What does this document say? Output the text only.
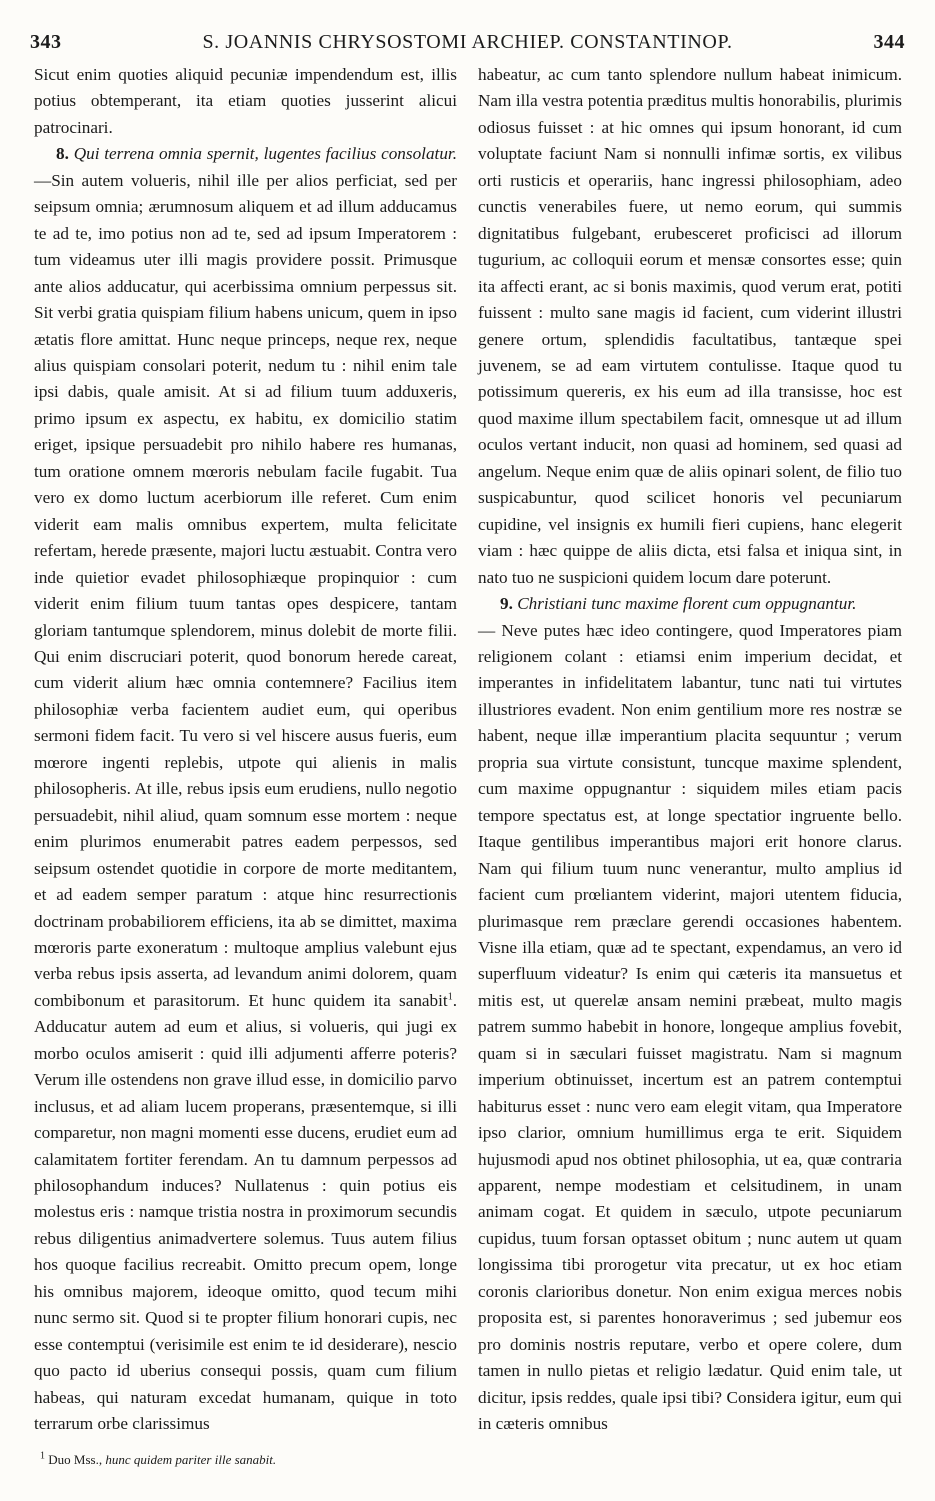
343	S. JOANNIS CHRYSOSTOMI ARCHIEP. CONSTANTINOP.	344

Sicut enim quoties aliquid pecuniæ impendendum est, illis potius obtemperant, ita etiam quoties jusserint alicui patrocinari.

8. Qui terrena omnia spernit, lugentes facilius consolatur.—Sin autem volueris, nihil ille per alios perficiat, sed per seipsum omnia; ærumnosum aliquem et ad illum adducamus te ad te, imo potius non ad te, sed ad ipsum Imperatorem : tum videamus uter illi magis providere possit. Primusque ante alios adducatur, qui acerbissima omnium perpessus sit. Sit verbi gratia quispiam filium habens unicum, quem in ipso ætatis flore amittat. Hunc neque princeps, neque rex, neque alius quispiam consolari poterit, nedum tu : nihil enim tale ipsi dabis, quale amisit. At si ad filium tuum adduxeris, primo ipsum ex aspectu, ex habitu, ex domicilio statim eriget, ipsique persuadebit pro nihilo habere res humanas, tum oratione omnem mœroris nebulam facile fugabit. Tua vero ex domo luctum acerbiorum ille referet. Cum enim viderit eam malis omnibus expertem, multa felicitate refertam, herede præsente, majori luctu æstuabit. Contra vero inde quietior evadet philosophiæque propinquior : cum viderit enim filium tuum tantas opes despicere, tantam gloriam tantumque splendorem, minus dolebit de morte filii. Qui enim discruciari poterit, quod bonorum herede careat, cum viderit alium hæc omnia contemnere? Facilius item philosophiæ verba facientem audiet eum, qui operibus sermoni fidem facit. Tu vero si vel hiscere ausus fueris, eum mœrore ingenti replebis, utpote qui alienis in malis philosopheris. At ille, rebus ipsis eum erudiens, nullo negotio persuadebit, nihil aliud, quam somnum esse mortem : neque enim plurimos enumerabit patres eadem perpessos, sed seipsum ostendet quotidie in corpore de morte meditantem, et ad eadem semper paratum : atque hinc resurrectionis doctrinam probabiliorem efficiens, ita ab se dimittet, maxima mœroris parte exoneratum : multoque amplius valebunt ejus verba rebus ipsis asserta, ad levandum animi dolorem, quam combibonum et parasitorum. Et hunc quidem ita sanabit$^1$. Adducatur autem ad eum et alius, si volueris, qui jugi ex morbo oculos amiserit : quid illi adjumenti afferre poteris? Verum ille ostendens non grave illud esse, in domicilio parvo inclusus, et ad aliam lucem properans, præsentemque, si illi comparetur, non magni momenti esse ducens, erudiet eum ad calamitatem fortiter ferendam. An tu damnum perpessos ad philosophandum induces? Nullatenus : quin potius eis molestus eris : namque tristia nostra in proximorum secundis rebus diligentius animadvertere solemus. Tuus autem filius hos quoque facilius recreabit. Omitto precum opem, longe his omnibus majorem, ideoque omitto, quod tecum mihi nunc sermo sit. Quod si te propter filium honorari cupis, nec esse contemptui (verisimile est enim te id desiderare), nescio quo pacto id uberius consequi possis, quam cum filium habeas, qui naturam excedat humanam, quique in toto terrarum orbe clarissimus

habeatur, ac cum tanto splendore nullum habeat inimicum. Nam illa vestra potentia præditus multis honorabilis, plurimis odiosus fuisset : at hic omnes qui ipsum honorant, id cum voluptate faciunt Nam si nonnulli infimæ sortis, ex vilibus orti rusticis et operariis, hanc ingressi philosophiam, adeo cunctis venerabiles fuere, ut nemo eorum, qui summis dignitatibus fulgebant, erubesceret proficisci ad illorum tugurium, ac colloquii eorum et mensæ consortes esse; quin ita affecti erant, ac si bonis maximis, quod verum erat, potiti fuissent : multo sane magis id facient, cum viderint illustri genere ortum, splendidis facultatibus, tantæque spei juvenem, se ad eam virtutem contulisse. Itaque quod tu potissimum quereris, ex his eum ad illa transisse, hoc est quod maxime illum spectabilem facit, omnesque ut ad illum oculos vertant inducit, non quasi ad hominem, sed quasi ad angelum. Neque enim quæ de aliis opinari solent, de filio tuo suspicabuntur, quod scilicet honoris vel pecuniarum cupidine, vel insignis ex humili fieri cupiens, hanc elegerit viam : hæc quippe de aliis dicta, etsi falsa et iniqua sint, in nato tuo ne suspicioni quidem locum dare poterunt.

9. Christiani tunc maxime florent cum oppugnantur.
— Neve putes hæc ideo contingere, quod Imperatores piam religionem colant : etiamsi enim imperium decidat, et imperantes in infidelitatem labantur, tunc nati tui virtutes illustriores evadent. Non enim gentilium more res nostræ se habent, neque illæ imperantium placita sequuntur ; verum propria sua virtute consistunt, tuncque maxime splendent, cum maxime oppugnantur : siquidem miles etiam pacis tempore spectatus est, at longe spectatior ingruente bello. Itaque gentilibus imperantibus majori erit honore clarus. Nam qui filium tuum nunc venerantur, multo amplius id facient cum prœliantem viderint, majori utentem fiducia, plurimasque rem præclare gerendi occasiones habentem. Visne illa etiam, quæ ad te spectant, expendamus, an vero id superfluum videatur? Is enim qui cæteris ita mansuetus et mitis est, ut querelæ ansam nemini præbeat, multo magis patrem summo habebit in honore, longeque amplius fovebit, quam si in sæculari fuisset magistratu. Nam si magnum imperium obtinuisset, incertum est an patrem contemptui habiturus esset : nunc vero eam elegit vitam, qua Imperatore ipso clarior, omnium humillimus erga te erit. Siquidem hujusmodi apud nos obtinet philosophia, ut ea, quæ contraria apparent, nempe modestiam et celsitudinem, in unam animam cogat. Et quidem in sæculo, utpote pecuniarum cupidus, tuum forsan optasset obitum ; nunc autem ut quam longissima tibi prorogetur vita precatur, ut ex hoc etiam coronis clarioribus donetur. Non enim exigua merces nobis proposita est, si parentes honoraverimus ; sed jubemur eos pro dominis nostris reputare, verbo et opere colere, dum tamen in nullo pietas et religio lædatur. Quid enim tale, ut dicitur, ipsis reddes, quale ipsi tibi? Considera igitur, eum qui in cæteris omnibus

$^1$ Duo Mss., hunc quidem pariter ille sanabit.
